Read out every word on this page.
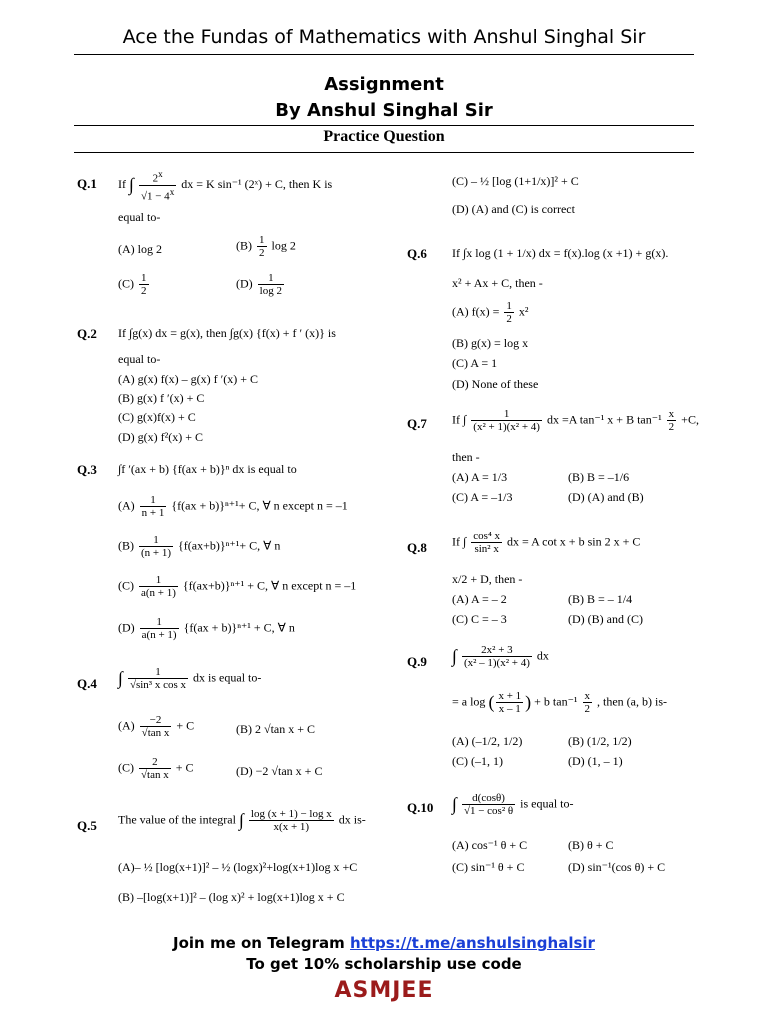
Ace the Fundas of Mathematics with Anshul Singhal Sir
Assignment
By Anshul Singhal Sir
Practice Question
Q.1 If ∫ $\frac{2^x}{√1 - 4^x}$ dx = K sin⁻¹ (2ˣ) + C, then K is
equal to-
(A) log 2	$(B) \frac{1}{2}$ log 2
$(C) \frac{1}{2}$	$(D) \frac{1}{\log 2}$
Q.2 If ∫g(x) dx = g(x), then ∫g(x) {f(x) + f ′ (x)} is
equal to-
(A) g(x) f(x) – g(x) f ′(x) + C
(B) g(x) f ′(x) + C
(C) g(x)f(x) + C
(D) g(x) f²(x) + C
Q.3 ∫f ′(ax + b) {f(ax + b)}ⁿ dx is equal to
$(A) \frac{1}{n + 1} \{f(ax + b)\}^{n+1}+ C$, ∀ n except n = –1
$(B) \frac{1}{(n + 1)} \{f(ax+b)\}^{n+1}+ C$, ∀ n
$(C) \frac{1}{a(n + 1)} \{f(ax+b)\}^{n+1} + C$, ∀ n except n = –1
$(D) \frac{1}{a(n + 1)} \{f(ax + b)\}^{n+1} + C$, ∀ n
Q.4 ∫ $\frac{1}{\text{√sin³ x cos x}}$ dx is equal to-
$(A) \frac{-2}{\text{√tan x}} + C$	(B) 2 √tan x + C
$(C) \frac{2}{\text{√tan x}} + C$	(D) −2 √tan x + C
Q.5 The value of the integral ∫ $\frac{\text{log (x + 1) − log x}}{x(x + 1)}$ dx is-
(A)– ½ [log(x+1)]² – ½ (logx)²+log(x+1)log x +C
(B) –[log(x+1)]² – (log x)² + log(x+1)log x + C
(C) – ½ [log (1+1/x)]² + C
(D) (A) and (C) is correct
Q.6 If ∫x log (1 + 1/x) dx = f(x).log (x +1) + g(x).
x² + Ax + C, then -
(A) $f(x) = \frac{1}{2} x^2$
(B) g(x) = log x
(C) A = 1
(D) None of these
Q.7 If ∫ $\frac{1}{\text{(x² + 1)(x² + 4)}}$ dx =A tan⁻¹ x + B $\tan^{-1} \frac{x}{2} +C$,
then -
(A) A = 1/3	(B) B = –1/6
(C) A = –1/3	(D) (A) and (B)
Q.8 If ∫ $\frac{\text{cos⁴ x}}{\text{sin² x}}$ dx = A cot x + b sin 2 x + C
x/2 + D, then -
(A) A = – 2	(B) B = – 1/4
(C) C = – 3	(D) (B) and (C)
Q.9 ∫ $\frac{\text{2x² + 3}}{\text{(x² – 1)(x² + 4)}}$ dx
= a log ( $\frac{x + 1}{x - 1}$ ) + b $\tan^{-1} \frac{x}{2}$ , then (a, b) is-
(A) (–1/2, 1/2)	(B) (1/2, 1/2)
(C) (–1, 1)	(D) (1, – 1)
Q.10 ∫ $\frac{d(\cos\theta)}{\text{√1 − cos² θ}}$ is equal to-
(A) cos⁻¹ θ + C	(B) θ + C
(C) sin⁻¹ θ + C	(D) sin⁻¹(cos θ) + C
Join me on Telegram https://t.me/anshulsinghalsir
To get 10% scholarship use code
ASMJEE
